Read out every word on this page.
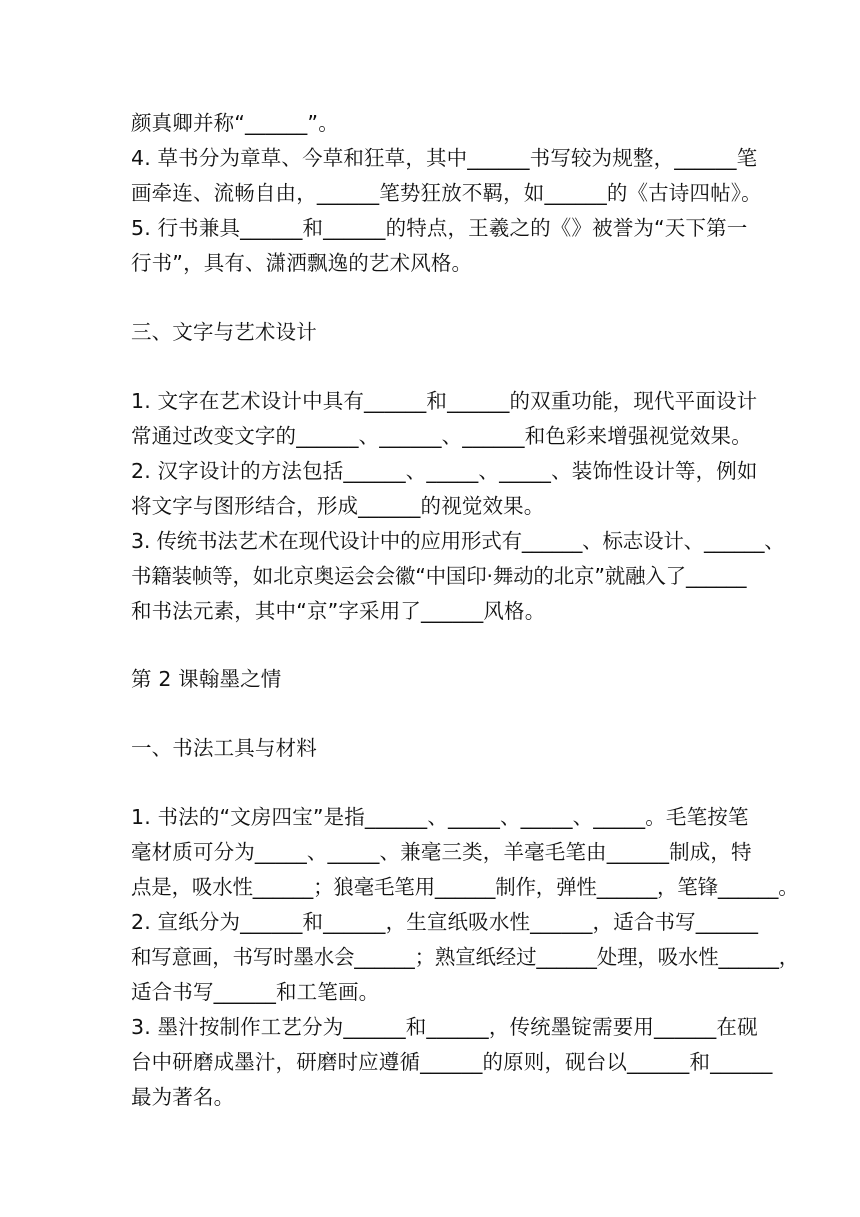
颜真卿并称“______”。
4. 草书分为章草、今草和狂草，其中______书写较为规整，______笔
画牵连、流畅自由，______笔势狂放不羁，如______的《古诗四帖》。
5. 行书兼具______和______的特点，王羲之的《》被誉为“天下第一
行书”，具有、潇洒飘逸的艺术风格。
三、文字与艺术设计
1. 文字在艺术设计中具有______和______的双重功能，现代平面设计
常通过改变文字的______、______、______和色彩来增强视觉效果。
2. 汉字设计的方法包括______、_____、_____、装饰性设计等，例如
将文字与图形结合，形成______的视觉效果。
3. 传统书法艺术在现代设计中的应用形式有______、标志设计、______、
书籍装帧等，如北京奥运会会徽“中国印·舞动的北京”就融入了______
和书法元素，其中“京”字采用了______风格。
第 2 课翰墨之情
一、书法工具与材料
1. 书法的“文房四宝”是指______、_____、_____、_____。毛笔按笔
毫材质可分为_____、_____、兼毫三类，羊毫毛笔由______制成，特
点是，吸水性______；狼毫毛笔用______制作，弹性______，笔锋______。
2. 宣纸分为______和______，生宣纸吸水性______，适合书写______
和写意画，书写时墨水会______；熟宣纸经过______处理，吸水性______，
适合书写______和工笔画。
3. 墨汁按制作工艺分为______和______，传统墨锭需要用______在砚
台中研磨成墨汁，研磨时应遵循______的原则，砚台以______和______
最为著名。
